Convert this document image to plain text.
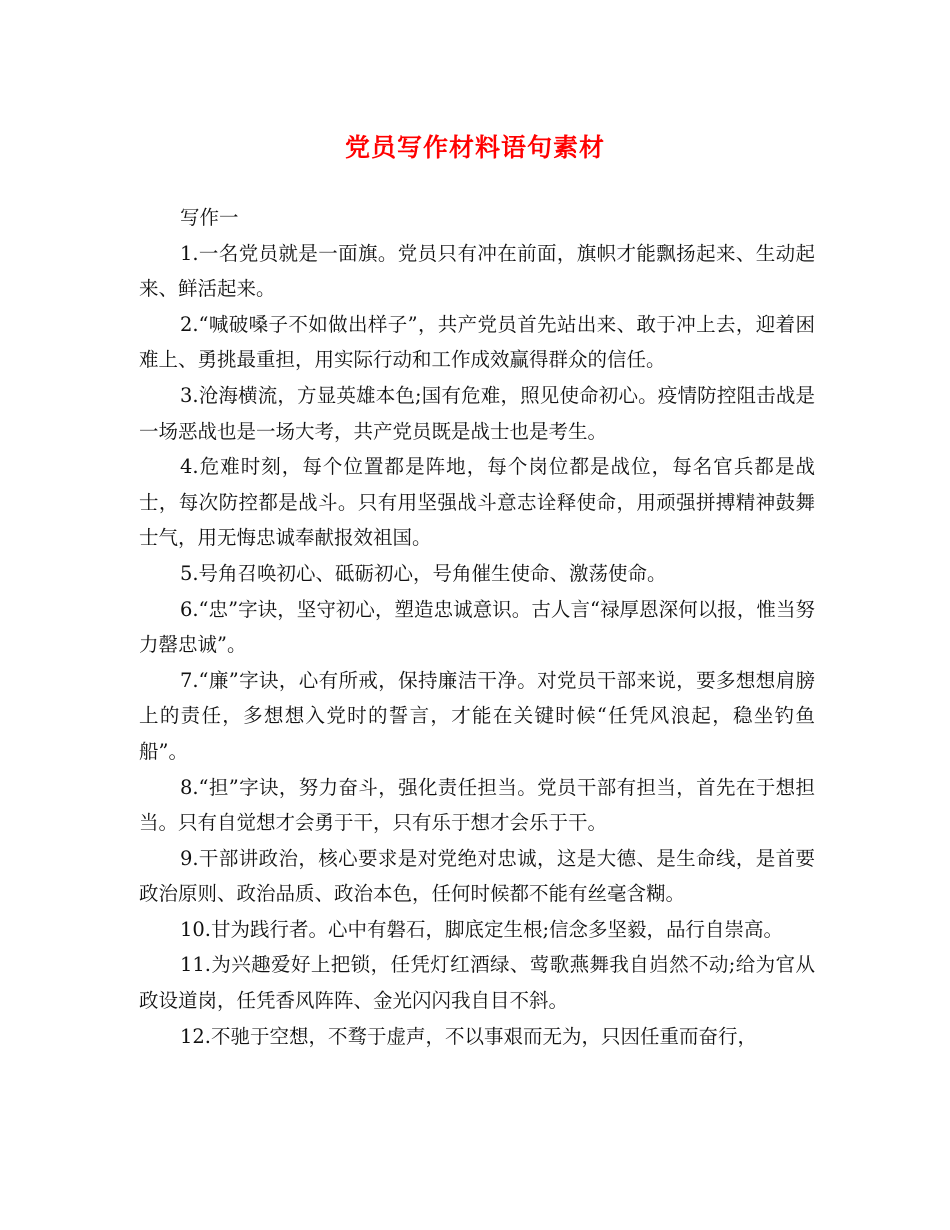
党员写作材料语句素材

写作一

1.一名党员就是一面旗。党员只有冲在前面，旗帜才能飘扬起来、生动起来、鲜活起来。

2.“喊破嗓子不如做出样子”，共产党员首先站出来、敢于冲上去，迎着困难上、勇挑最重担，用实际行动和工作成效赢得群众的信任。

3.沧海横流，方显英雄本色;国有危难，照见使命初心。疫情防控阻击战是一场恶战也是一场大考，共产党员既是战士也是考生。

4.危难时刻，每个位置都是阵地，每个岗位都是战位，每名官兵都是战士，每次防控都是战斗。只有用坚强战斗意志诠释使命，用顽强拼搏精神鼓舞士气，用无悔忠诚奉献报效祖国。

5.号角召唤初心、砥砺初心，号角催生使命、激荡使命。

6.“忠”字诀，坚守初心，塑造忠诚意识。古人言“禄厚恩深何以报，惟当努力罄忠诚”。

7.“廉”字诀，心有所戒，保持廉洁干净。对党员干部来说，要多想想肩膀上的责任，多想想入党时的誓言，才能在关键时候“任凭风浪起，稳坐钓鱼船”。

8.“担”字诀，努力奋斗，强化责任担当。党员干部有担当，首先在于想担当。只有自觉想才会勇于干，只有乐于想才会乐于干。

9.干部讲政治，核心要求是对党绝对忠诚，这是大德、是生命线，是首要政治原则、政治品质、政治本色，任何时候都不能有丝毫含糊。

10.甘为践行者。心中有磐石，脚底定生根;信念多坚毅，品行自崇高。

11.为兴趣爱好上把锁，任凭灯红酒绿、莺歌燕舞我自岿然不动;给为官从政设道岗，任凭香风阵阵、金光闪闪我自目不斜。

12.不驰于空想，不骛于虚声，不以事艰而无为，只因任重而奋行，
